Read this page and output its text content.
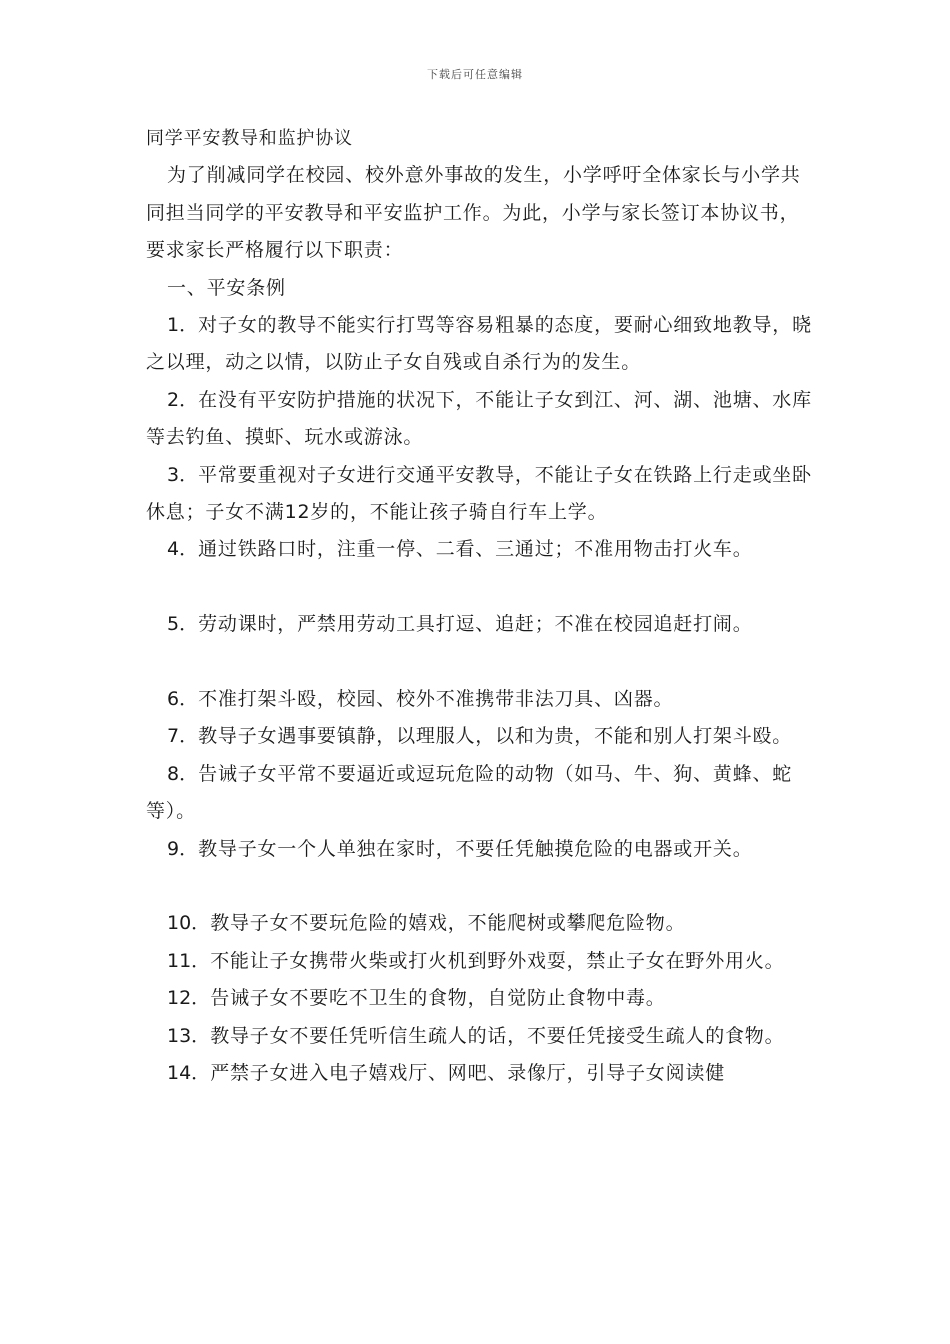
下载后可任意编辑

同学平安教导和监护协议

为了削减同学在校园、校外意外事故的发生，小学呼吁全体家长与小学共同担当同学的平安教导和平安监护工作。为此，小学与家长签订本协议书，要求家长严格履行以下职责：

一、平安条例

1．对子女的教导不能实行打骂等容易粗暴的态度，要耐心细致地教导，晓之以理，动之以情，以防止子女自残或自杀行为的发生。

2．在没有平安防护措施的状况下，不能让子女到江、河、湖、池塘、水库等去钓鱼、摸虾、玩水或游泳。

3．平常要重视对子女进行交通平安教导，不能让子女在铁路上行走或坐卧休息；子女不满12岁的，不能让孩子骑自行车上学。

4．通过铁路口时，注重一停、二看、三通过；不准用物击打火车。

5．劳动课时，严禁用劳动工具打逗、追赶；不准在校园追赶打闹。

6．不准打架斗殴，校园、校外不准携带非法刀具、凶器。

7．教导子女遇事要镇静，以理服人，以和为贵，不能和别人打架斗殴。

8．告诫子女平常不要逼近或逗玩危险的动物（如马、牛、狗、黄蜂、蛇等）。

9．教导子女一个人单独在家时，不要任凭触摸危险的电器或开关。

10．教导子女不要玩危险的嬉戏，不能爬树或攀爬危险物。

11．不能让子女携带火柴或打火机到野外戏耍，禁止子女在野外用火。

12．告诫子女不要吃不卫生的食物，自觉防止食物中毒。

13．教导子女不要任凭听信生疏人的话，不要任凭接受生疏人的食物。

14．严禁子女进入电子嬉戏厅、网吧、录像厅，引导子女阅读健
